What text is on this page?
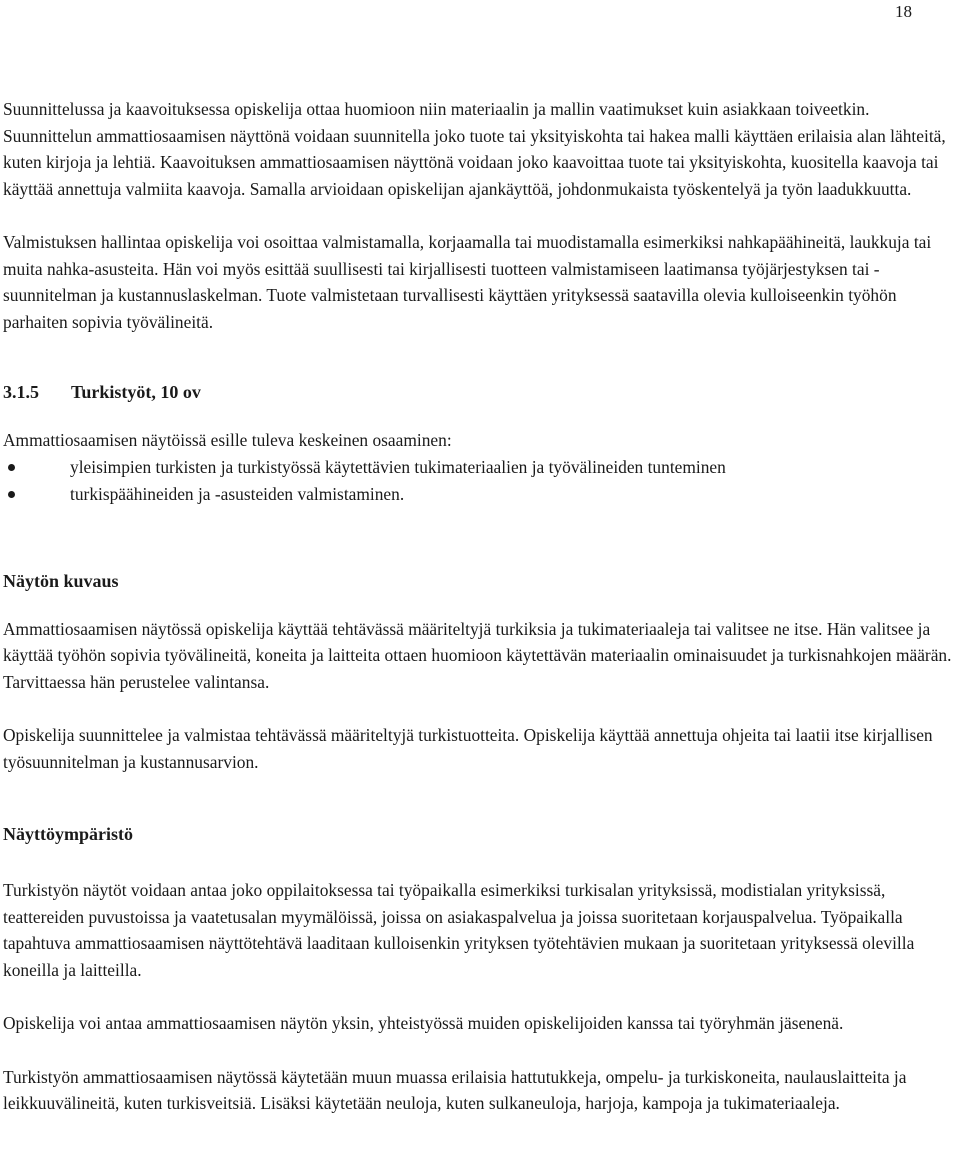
18

Suunnittelussa ja kaavoituksessa opiskelija ottaa huomioon niin materiaalin ja mallin vaatimukset kuin asiakkaan toiveetkin. Suunnittelun ammattiosaamisen näyttönä voidaan suunnitella joko tuote tai yksityiskohta tai hakea malli käyttäen erilaisia alan lähteitä, kuten kirjoja ja lehtiä. Kaavoituksen ammattiosaamisen näyttönä voidaan joko kaavoittaa tuote tai yksityiskohta, kuositella kaavoja tai käyttää annettuja valmiita kaavoja. Samalla arvioidaan opiskelijan ajankäyttöä, johdonmukaista työskentelyä ja työn laadukkuutta.

Valmistuksen hallintaa opiskelija voi osoittaa valmistamalla, korjaamalla tai muodistamalla esimerkiksi nahkapäähineitä, laukkuja tai muita nahka-asusteita. Hän voi myös esittää suullisesti tai kirjallisesti tuotteen valmistamiseen laatimansa työjärjestyksen tai -suunnitelman ja kustannuslaskelman. Tuote valmistetaan turvallisesti käyttäen yrityksessä saatavilla olevia kulloiseenkin työhön parhaiten sopivia työvälineitä.

3.1.5 Turkistyöt, 10 ov

Ammattiosaamisen näytöissä esille tuleva keskeinen osaaminen:

yleisimpien turkisten ja turkistyössä käytettävien tukimateriaalien ja työvälineiden tunteminen
turkispäähineiden ja -asusteiden valmistaminen.
Näytön kuvaus

Ammattiosaamisen näytössä opiskelija käyttää tehtävässä määriteltyjä turkiksia ja tukimateriaaleja tai valitsee ne itse. Hän valitsee ja käyttää työhön sopivia työvälineitä, koneita ja laitteita ottaen huomioon käytettävän materiaalin ominaisuudet ja turkisnahkojen määrän. Tarvittaessa hän perustelee valintansa.

Opiskelija suunnittelee ja valmistaa tehtävässä määriteltyjä turkistuotteita. Opiskelija käyttää annettuja ohjeita tai laatii itse kirjallisen työsuunnitelman ja kustannusarvion.

Näyttöympäristö

Turkistyön näytöt voidaan antaa joko oppilaitoksessa tai työpaikalla esimerkiksi turkisalan yrityksissä, modistialan yrityksissä, teattereiden puvustoissa ja vaatetusalan myymälöissä, joissa on asiakaspalvelua ja joissa suoritetaan korjauspalvelua. Työpaikalla tapahtuva ammattiosaamisen näyttötehtävä laaditaan kulloisenkin yrityksen työtehtävien mukaan ja suoritetaan yrityksessä olevilla koneilla ja laitteilla.

Opiskelija voi antaa ammattiosaamisen näytön yksin, yhteistyössä muiden opiskelijoiden kanssa tai työryhmän jäsenenä.

Turkistyön ammattiosaamisen näytössä käytetään muun muassa erilaisia hattutukkeja, ompelu- ja turkiskoneita, naulauslaitteita ja leikkuuvälineitä, kuten turkisveitsiä. Lisäksi käytetään neuloja, kuten sulkaneuloja, harjoja, kampoja ja tukimateriaaleja.
